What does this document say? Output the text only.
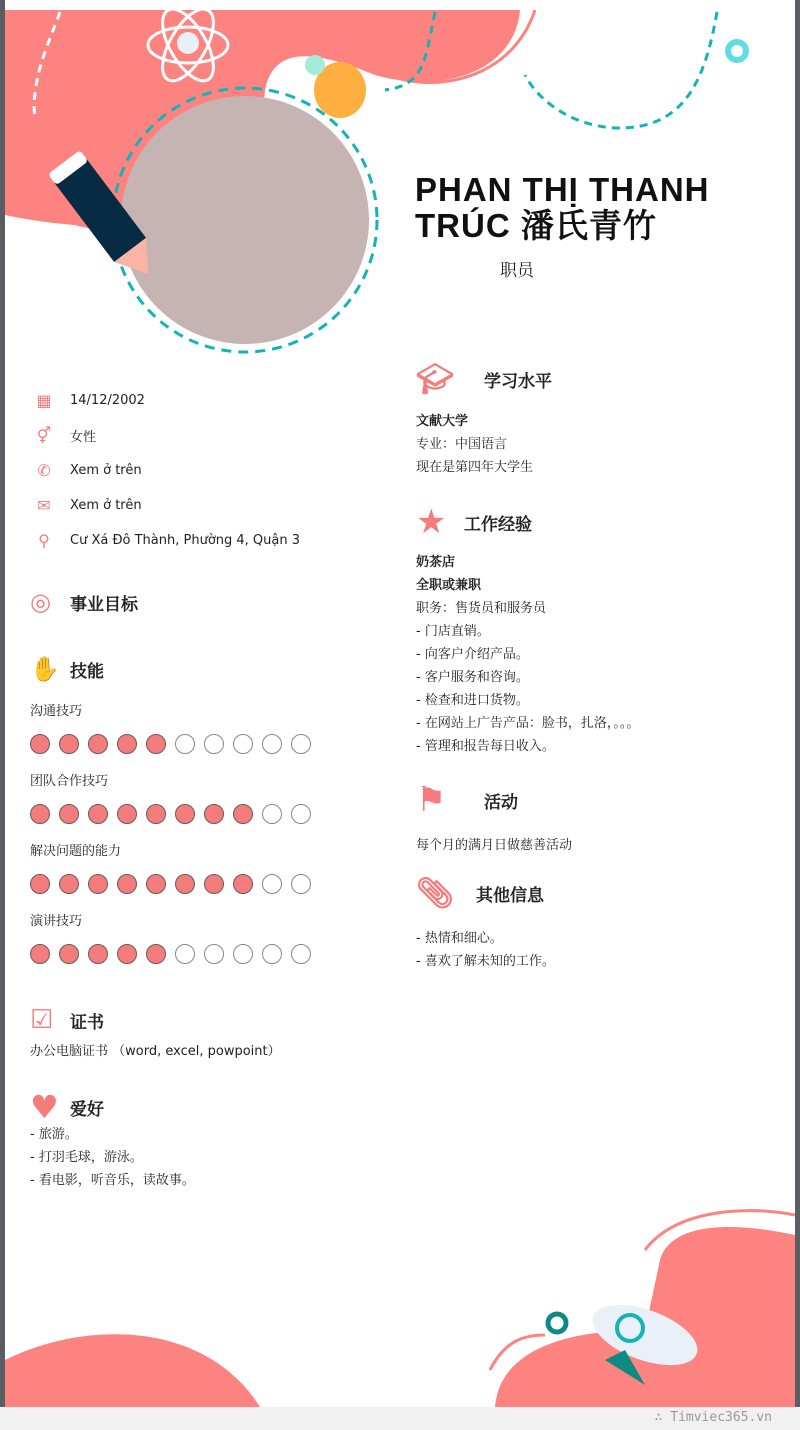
PHAN THỊ THANH TRÚC 潘氏青竹
职员
▦	14/12/2002
⚥	女性
✆	Xem ở trên
✉	Xem ở trên
⚲	Cư Xá Đô Thành, Phường 4, Quận 3
◎	事业目标
✋ 技能
沟通技巧
团队合作技巧
解决问题的能力
演讲技巧
☑ 证书
办公电脑证书 （word, excel, powpoint）
♥ 爱好
- 旅游。
- 打羽毛球，游泳。
- 看电影，听音乐，读故事。
🎓︎	学习水平
文献大学
专业：中国语言
现在是第四年大学生
★	工作经验
奶茶店
全职或兼职
职务：售货员和服务员
- 门店直销。
- 向客户介绍产品。
- 客户服务和咨询。
- 检查和进口货物。
- 在网站上广告产品：脸书，扎洛，。。。
- 管理和报告每日收入。
⚑	活动
每个月的满月日做慈善活动
📎︎	其他信息
- 热情和细心。
- 喜欢了解未知的工作。
∴ Timviec365.vn
